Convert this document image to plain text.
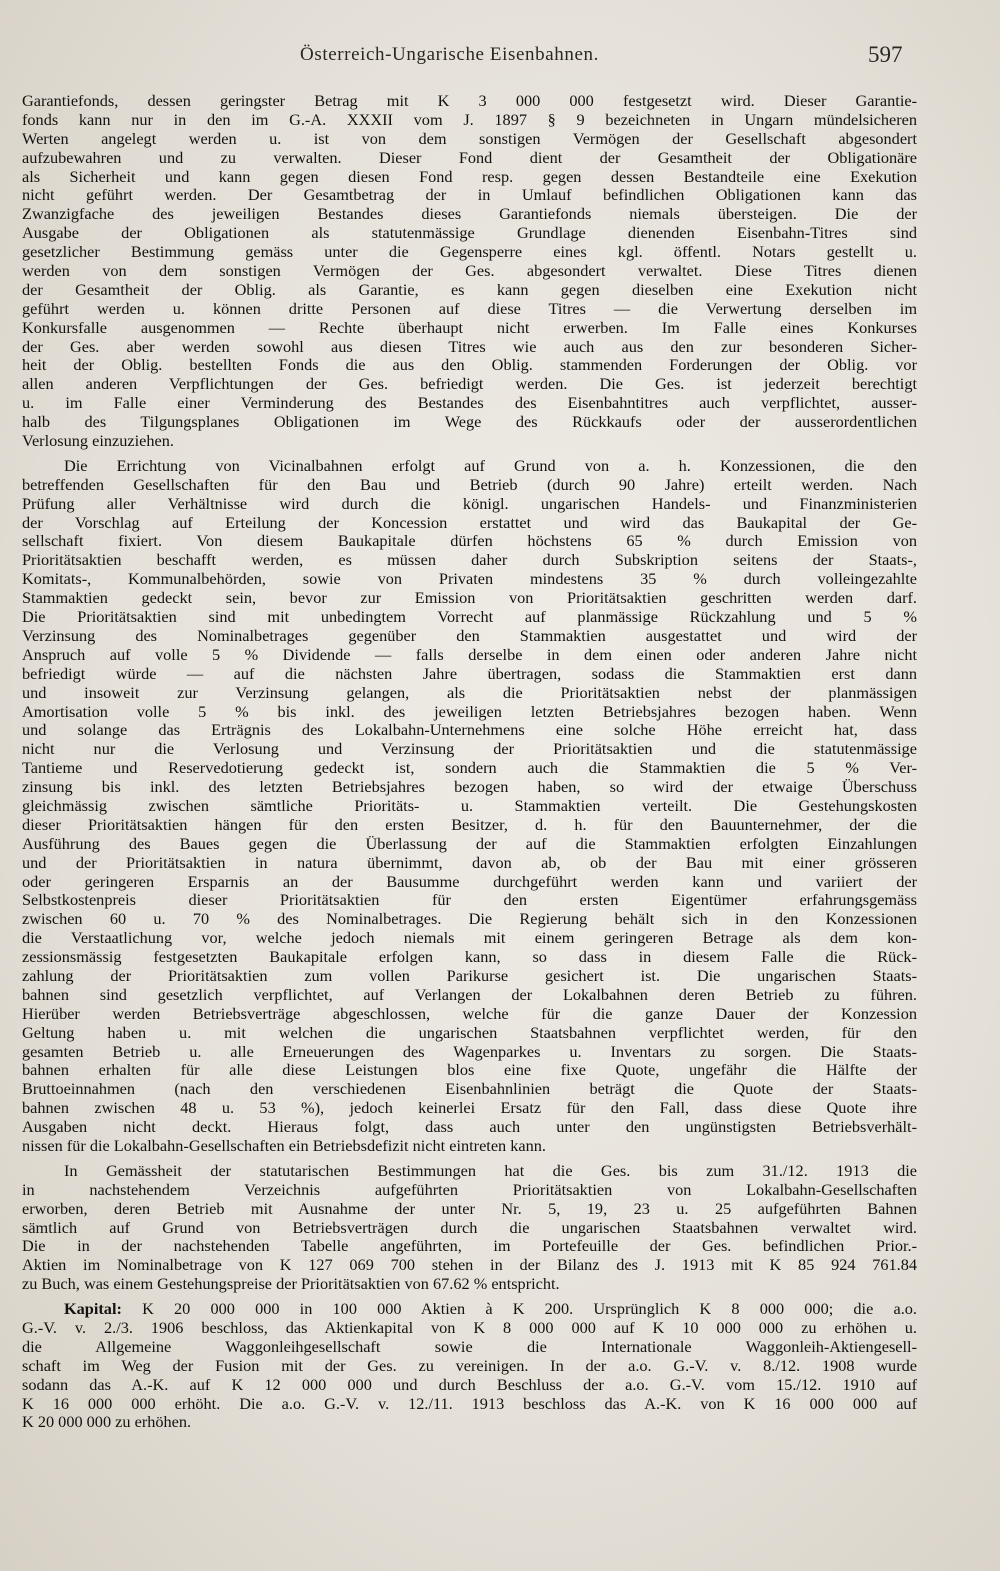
Österreich-Ungarische Eisenbahnen.	597
Garantiefonds, dessen geringster Betrag mit K 3 000 000 festgesetzt wird. Dieser Garantie-
fonds kann nur in den im G.-A. XXXII vom J. 1897 § 9 bezeichneten in Ungarn mündelsicheren
Werten angelegt werden u. ist von dem sonstigen Vermögen der Gesellschaft abgesondert
aufzubewahren und zu verwalten. Dieser Fond dient der Gesamtheit der Obligationäre
als Sicherheit und kann gegen diesen Fond resp. gegen dessen Bestandteile eine Exekution
nicht geführt werden. Der Gesamtbetrag der in Umlauf befindlichen Obligationen kann das
Zwanzigfache des jeweiligen Bestandes dieses Garantiefonds niemals übersteigen. Die der
Ausgabe der Obligationen als statutenmässige Grundlage dienenden Eisenbahn-Titres sind
gesetzlicher Bestimmung gemäss unter die Gegensperre eines kgl. öffentl. Notars gestellt u.
werden von dem sonstigen Vermögen der Ges. abgesondert verwaltet. Diese Titres dienen
der Gesamtheit der Oblig. als Garantie, es kann gegen dieselben eine Exekution nicht
geführt werden u. können dritte Personen auf diese Titres — die Verwertung derselben im
Konkursfalle ausgenommen — Rechte überhaupt nicht erwerben. Im Falle eines Konkurses
der Ges. aber werden sowohl aus diesen Titres wie auch aus den zur besonderen Sicher-
heit der Oblig. bestellten Fonds die aus den Oblig. stammenden Forderungen der Oblig. vor
allen anderen Verpflichtungen der Ges. befriedigt werden. Die Ges. ist jederzeit berechtigt
u. im Falle einer Verminderung des Bestandes des Eisenbahntitres auch verpflichtet, ausser-
halb des Tilgungsplanes Obligationen im Wege des Rückkaufs oder der ausserordentlichen
Verlosung einzuziehen.
Die Errichtung von Vicinalbahnen erfolgt auf Grund von a. h. Konzessionen, die den
betreffenden Gesellschaften für den Bau und Betrieb (durch 90 Jahre) erteilt werden. Nach
Prüfung aller Verhältnisse wird durch die königl. ungarischen Handels- und Finanzministerien
der Vorschlag auf Erteilung der Koncession erstattet und wird das Baukapital der Ge-
sellschaft fixiert. Von diesem Baukapitale dürfen höchstens 65 % durch Emission von
Prioritätsaktien beschafft werden, es müssen daher durch Subskription seitens der Staats-,
Komitats-, Kommunalbehörden, sowie von Privaten mindestens 35 % durch volleingezahlte
Stammaktien gedeckt sein, bevor zur Emission von Prioritätsaktien geschritten werden darf.
Die Prioritätsaktien sind mit unbedingtem Vorrecht auf planmässige Rückzahlung und 5 %
Verzinsung des Nominalbetrages gegenüber den Stammaktien ausgestattet und wird der
Anspruch auf volle 5 % Dividende — falls derselbe in dem einen oder anderen Jahre nicht
befriedigt würde — auf die nächsten Jahre übertragen, sodass die Stammaktien erst dann
und insoweit zur Verzinsung gelangen, als die Prioritätsaktien nebst der planmässigen
Amortisation volle 5 % bis inkl. des jeweiligen letzten Betriebsjahres bezogen haben. Wenn
und solange das Erträgnis des Lokalbahn-Unternehmens eine solche Höhe erreicht hat, dass
nicht nur die Verlosung und Verzinsung der Prioritätsaktien und die statutenmässige
Tantieme und Reservedotierung gedeckt ist, sondern auch die Stammaktien die 5 % Ver-
zinsung bis inkl. des letzten Betriebsjahres bezogen haben, so wird der etwaige Überschuss
gleichmässig zwischen sämtliche Prioritäts- u. Stammaktien verteilt. Die Gestehungskosten
dieser Prioritätsaktien hängen für den ersten Besitzer, d. h. für den Bauunternehmer, der die
Ausführung des Baues gegen die Überlassung der auf die Stammaktien erfolgten Einzahlungen
und der Prioritätsaktien in natura übernimmt, davon ab, ob der Bau mit einer grösseren
oder geringeren Ersparnis an der Bausumme durchgeführt werden kann und variiert der
Selbstkostenpreis dieser Prioritätsaktien für den ersten Eigentümer erfahrungsgemäss
zwischen 60 u. 70 % des Nominalbetrages. Die Regierung behält sich in den Konzessionen
die Verstaatlichung vor, welche jedoch niemals mit einem geringeren Betrage als dem kon-
zessionsmässig festgesetzten Baukapitale erfolgen kann, so dass in diesem Falle die Rück-
zahlung der Prioritätsaktien zum vollen Parikurse gesichert ist. Die ungarischen Staats-
bahnen sind gesetzlich verpflichtet, auf Verlangen der Lokalbahnen deren Betrieb zu führen.
Hierüber werden Betriebsverträge abgeschlossen, welche für die ganze Dauer der Konzession
Geltung haben u. mit welchen die ungarischen Staatsbahnen verpflichtet werden, für den
gesamten Betrieb u. alle Erneuerungen des Wagenparkes u. Inventars zu sorgen. Die Staats-
bahnen erhalten für alle diese Leistungen blos eine fixe Quote, ungefähr die Hälfte der
Bruttoeinnahmen (nach den verschiedenen Eisenbahnlinien beträgt die Quote der Staats-
bahnen zwischen 48 u. 53 %), jedoch keinerlei Ersatz für den Fall, dass diese Quote ihre
Ausgaben nicht deckt. Hieraus folgt, dass auch unter den ungünstigsten Betriebsverhält-
nissen für die Lokalbahn-Gesellschaften ein Betriebsdefizit nicht eintreten kann.
In Gemässheit der statutarischen Bestimmungen hat die Ges. bis zum 31./12. 1913 die
in nachstehendem Verzeichnis aufgeführten Prioritätsaktien von Lokalbahn-Gesellschaften
erworben, deren Betrieb mit Ausnahme der unter Nr. 5, 19, 23 u. 25 aufgeführten Bahnen
sämtlich auf Grund von Betriebsverträgen durch die ungarischen Staatsbahnen verwaltet wird.
Die in der nachstehenden Tabelle angeführten, im Portefeuille der Ges. befindlichen Prior.-
Aktien im Nominalbetrage von K 127 069 700 stehen in der Bilanz des J. 1913 mit K 85 924 761.84
zu Buch, was einem Gestehungspreise der Prioritätsaktien von 67.62 % entspricht.
Kapital: K 20 000 000 in 100 000 Aktien à K 200. Ursprünglich K 8 000 000; die a.o.
G.-V. v. 2./3. 1906 beschloss, das Aktienkapital von K 8 000 000 auf K 10 000 000 zu erhöhen u.
die Allgemeine Waggonleihgesellschaft sowie die Internationale Waggonleih-Aktiengesell-
schaft im Weg der Fusion mit der Ges. zu vereinigen. In der a.o. G.-V. v. 8./12. 1908 wurde
sodann das A.-K. auf K 12 000 000 und durch Beschluss der a.o. G.-V. vom 15./12. 1910 auf
K 16 000 000 erhöht. Die a.o. G.-V. v. 12./11. 1913 beschloss das A.-K. von K 16 000 000 auf
K 20 000 000 zu erhöhen.
